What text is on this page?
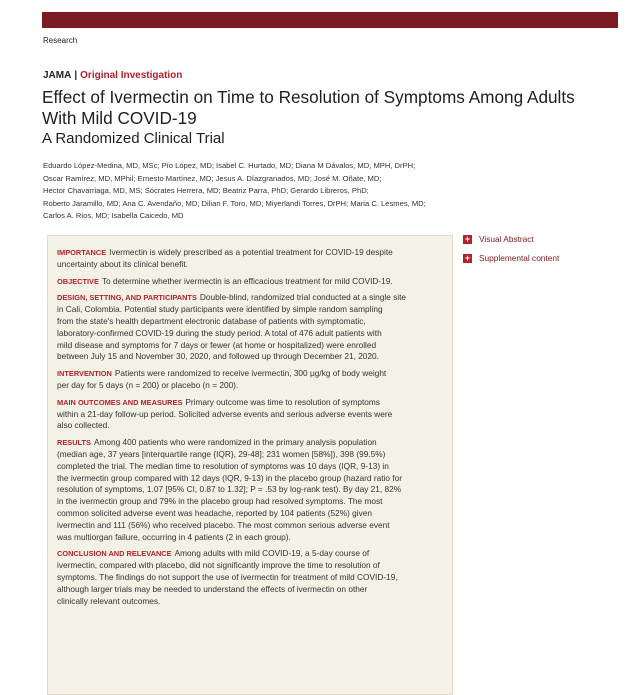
Research
JAMA | Original Investigation
Effect of Ivermectin on Time to Resolution of Symptoms Among Adults With Mild COVID-19
A Randomized Clinical Trial
Eduardo López-Medina, MD, MSc; Pío López, MD; Isabel C. Hurtado, MD; Diana M Dávalos, MD, MPH, DrPH;
Oscar Ramírez, MD, MPhil; Ernesto Martínez, MD; Jesus A. Díazgranados, MD; José M. Oñate, MD;
Hector Chavarriaga, MD, MS; Sócrates Herrera, MD; Beatriz Parra, PhD; Gerardo Libreros, PhD;
Roberto Jaramillo, MD; Ana C. Avendaño, MD; Dilian F. Toro, MD; Miyerlandi Torres, DrPH; Maria C. Lesmes, MD;
Carlos A. Rios, MD; Isabella Caicedo, MD
IMPORTANCE Ivermectin is widely prescribed as a potential treatment for COVID-19 despite
uncertainty about its clinical benefit.
OBJECTIVE To determine whether ivermectin is an efficacious treatment for mild COVID-19.
DESIGN, SETTING, AND PARTICIPANTS Double-blind, randomized trial conducted at a single site
in Cali, Colombia. Potential study participants were identified by simple random sampling
from the state's health department electronic database of patients with symptomatic,
laboratory-confirmed COVID-19 during the study period. A total of 476 adult patients with
mild disease and symptoms for 7 days or fewer (at home or hospitalized) were enrolled
between July 15 and November 30, 2020, and followed up through December 21, 2020.
INTERVENTION Patients were randomized to receive ivermectin, 300 μg/kg of body weight
per day for 5 days (n = 200) or placebo (n = 200).
MAIN OUTCOMES AND MEASURES Primary outcome was time to resolution of symptoms
within a 21-day follow-up period. Solicited adverse events and serious adverse events were
also collected.
RESULTS Among 400 patients who were randomized in the primary analysis population
(median age, 37 years [interquartile range {IQR}, 29-48]; 231 women [58%]), 398 (99.5%)
completed the trial. The median time to resolution of symptoms was 10 days (IQR, 9-13) in
the ivermectin group compared with 12 days (IQR, 9-13) in the placebo group (hazard ratio for
resolution of symptoms, 1.07 [95% CI, 0.87 to 1.32]; P = .53 by log-rank test). By day 21, 82%
in the ivermectin group and 79% in the placebo group had resolved symptoms. The most
common solicited adverse event was headache, reported by 104 patients (52%) given
ivermectin and 111 (56%) who received placebo. The most common serious adverse event
was multiorgan failure, occurring in 4 patients (2 in each group).
CONCLUSION AND RELEVANCE Among adults with mild COVID-19, a 5-day course of
ivermectin, compared with placebo, did not significantly improve the time to resolution of
symptoms. The findings do not support the use of ivermectin for treatment of mild COVID-19,
although larger trials may be needed to understand the effects of ivermectin on other
clinically relevant outcomes.
+ Visual Abstract
+ Supplemental content
